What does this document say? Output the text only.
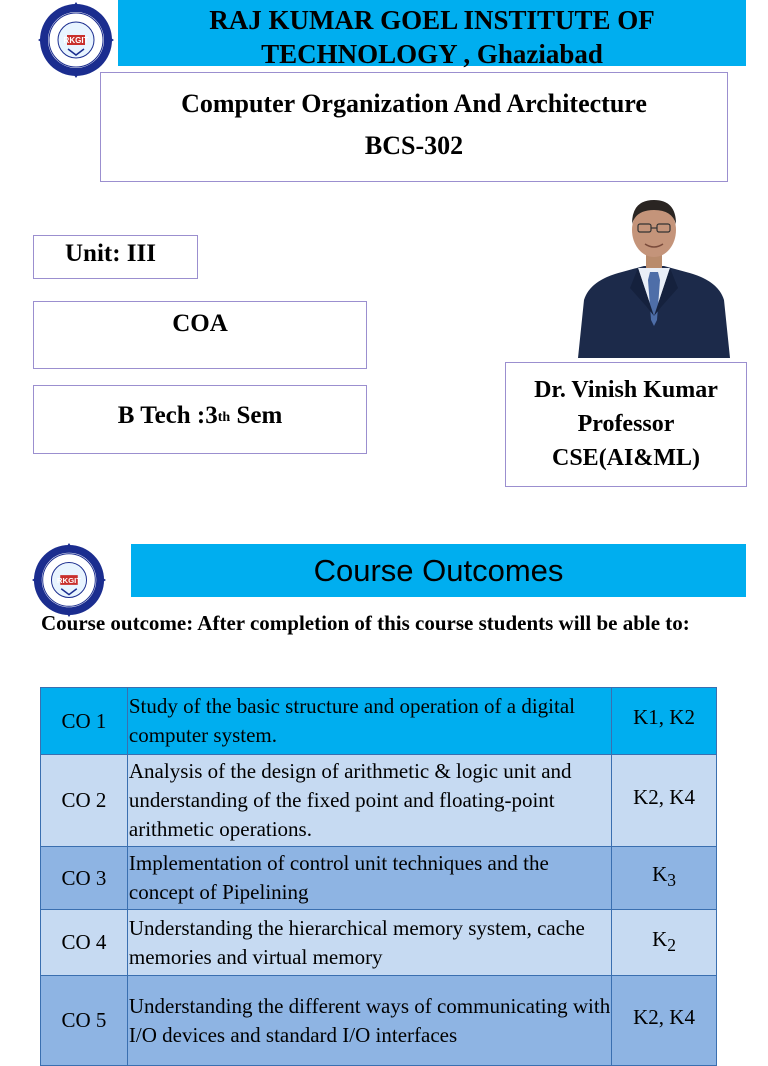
RKGIT
RAJ KUMAR GOEL INSTITUTE OF
TECHNOLOGY , Ghaziabad
Computer Organization And Architecture
BCS-302
Unit: III
COA
B Tech :3th Sem
Dr. Vinish Kumar
Professor
CSE(AI&ML)
RKGIT	Course Outcomes
Course outcome: After completion of this course students will be able to:
CO 1	Study of the basic structure and operation of a digital computer system.	K1, K2
CO 2	Analysis of the design of arithmetic & logic unit and understanding of the fixed point and floating-point arithmetic operations.	K2, K4
CO 3	Implementation of control unit techniques and the concept of Pipelining	$K_3$
CO 4	Understanding the hierarchical memory system, cache memories and virtual memory	$K_2$
CO 5	Understanding the different ways of communicating with I/O devices and standard I/O interfaces	K2, K4
